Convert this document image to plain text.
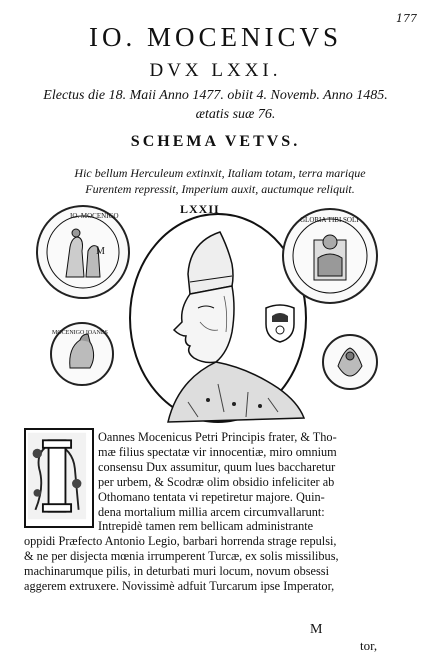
177
IO. MOCENICVS
DVX LXXI.
Electus die 18. Maii Anno 1477. obiit 4. Novemb. Anno 1485.
ætatis suæ 76.
SCHEMA VETVS.
Hic bellum Herculeum extinxit, Italiam totam, terra marique
Furentem repressit, Imperium auxit, auctumque reliquit.
LXXII
IO. MOCENIGO
M
GLORIA TIBI SOLI
MOCENIGO IOANES
Oannes Mocenicus Petri Principis frater, & Tho-
mæ filius spectatæ vir innocentiæ, miro omnium
consensu Dux assumitur, quum lues baccharetur
per urbem, & Scodræ olim obsidio infeliciter ab
Othomano tentata vi repetiretur majore. Quin-
dena mortalium millia arcem circumvallarunt:
Intrepidè tamen rem bellicam administrante
oppidi Præfecto Antonio Legio, barbari horrenda strage repulsi,
& ne per disjecta mœnia irrumperent Turcæ, ex solis missilibus,
machinarumque pilis, in deturbati muri locum, novum obsessi
aggerem extruxere. Novissimè adfuit Turcarum ipse Imperator,
M
tor,
